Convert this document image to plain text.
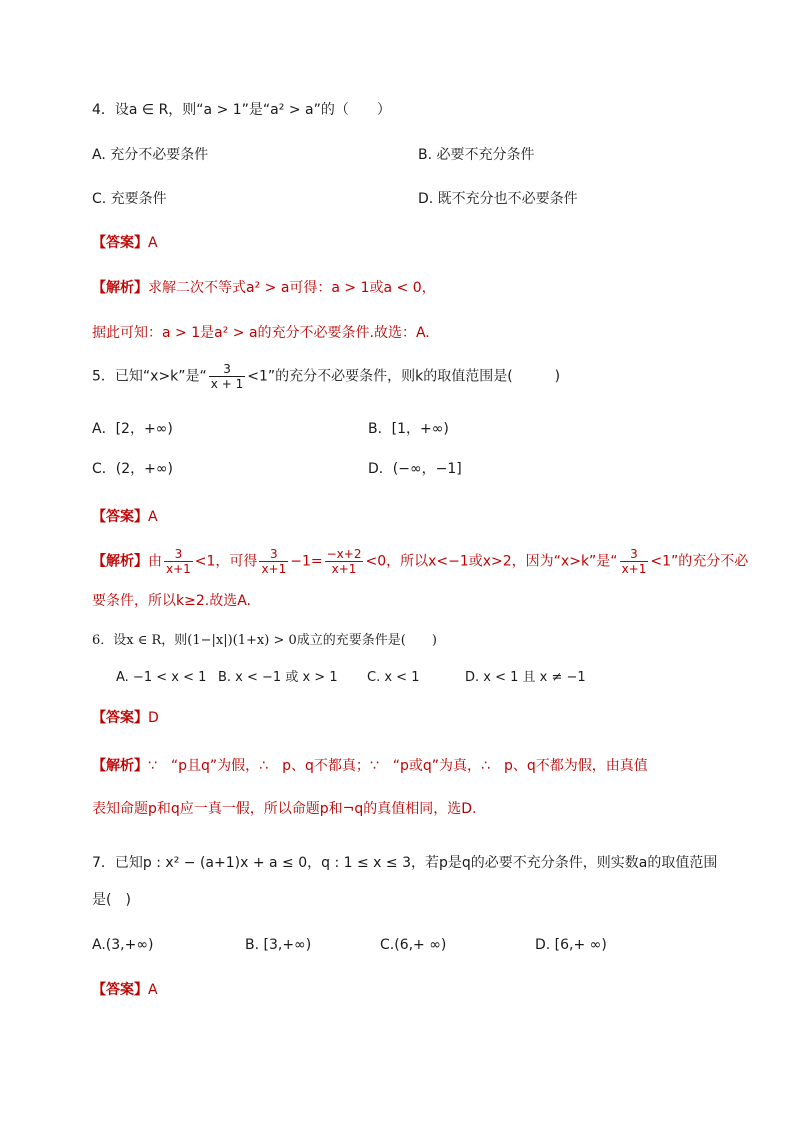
4．设a ∈ R，则“a > 1”是“a² > a”的（　　）
A. 充分不必要条件	B. 必要不充分条件
C. 充要条件	D. 既不充分也不必要条件
【答案】A
【解析】求解二次不等式a² > a可得：a > 1或a < 0，
据此可知：a > 1是a² > a的充分不必要条件.故选：A.
5．已知“x>k”是“ $\frac{3}{x + 1} <1$”的充分不必要条件，则k的取值范围是(　　　)
A．[2，+∞)	B．[1，+∞)
C．(2，+∞)	D．(−∞，−1]
【答案】A
【解析】由 $\frac{3}{x+1} <1$，可得 $\frac{3}{x+1} -1= \frac{-x+2}{x+1} <0$，所以x<−1或x>2，因为“x>k”是“ $\frac{3}{x+1} <1$”的充分不必
要条件，所以k≥2.故选A.
6．设x ∈ R，则(1−|x|)(1+x) > 0成立的充要条件是(　　)
A. −1 < x < 1 B. x < −1 或 x > 1 C. x < 1	D. x < 1 且 x ≠ −1
【答案】D
【解析】∵　“p且q”为假，∴　p、q不都真；∵　“p或q”为真，∴　p、q不都为假，由真值
表知命题p和q应一真一假，所以命题p和¬q的真值相同，选D.
7．已知p : x² − (a+1)x + a ≤ 0，q : 1 ≤ x ≤ 3，若p是q的必要不充分条件，则实数a的取值范围
是(　)
A.(3,+∞)	B. [3,+∞)	C.(6,+ ∞)	D. [6,+ ∞)
【答案】A
